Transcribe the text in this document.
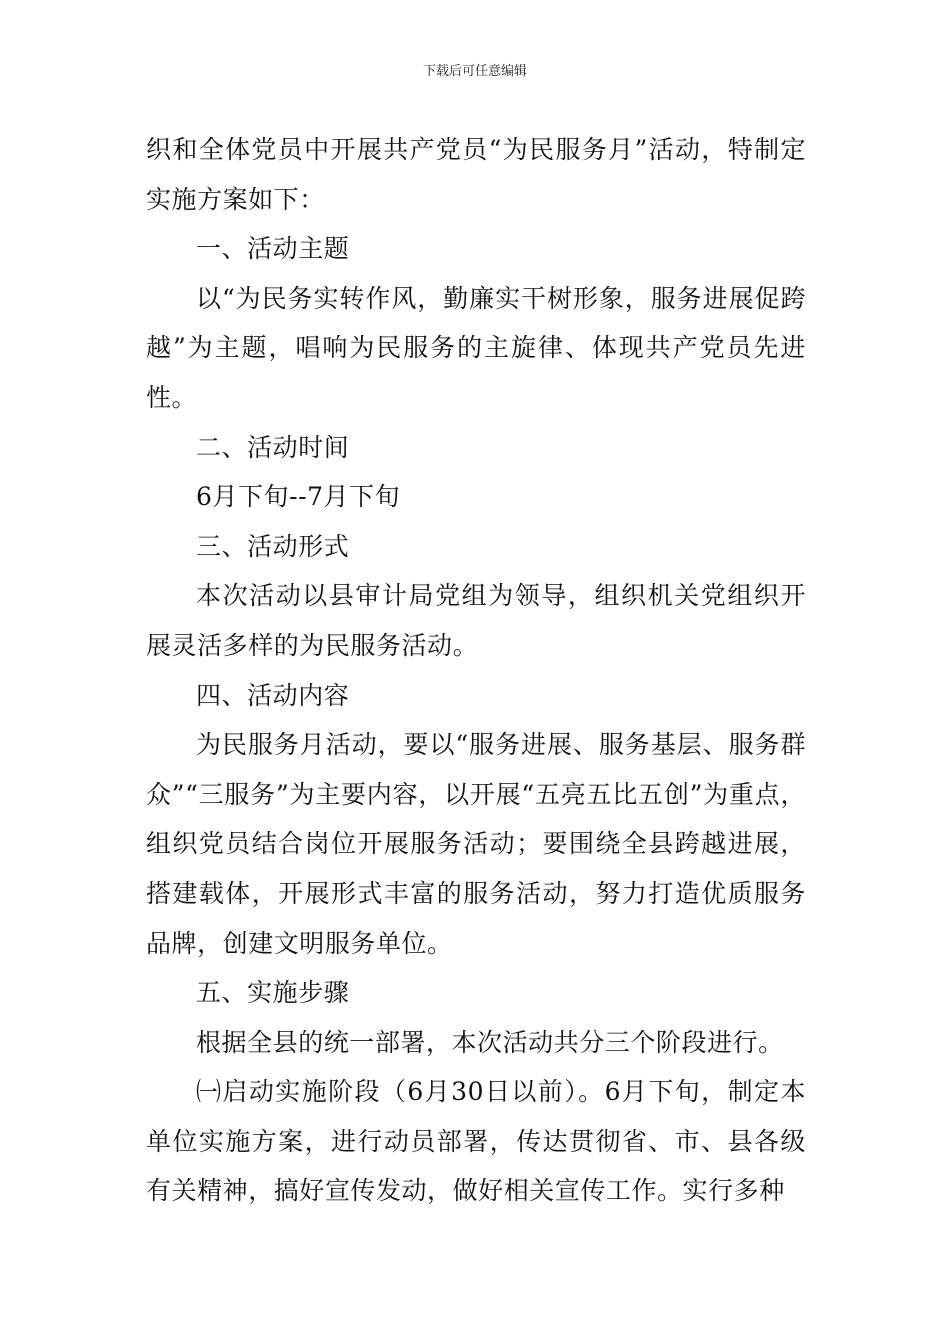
下载后可任意编辑

织和全体党员中开展共产党员“为民服务月”活动，特制定实施方案如下：

一、活动主题

以“为民务实转作风，勤廉实干树形象，服务进展促跨越”为主题，唱响为民服务的主旋律、体现共产党员先进性。

二、活动时间

6月下旬--7月下旬

三、活动形式

本次活动以县审计局党组为领导，组织机关党组织开展灵活多样的为民服务活动。

四、活动内容

为民服务月活动，要以“服务进展、服务基层、服务群众”“三服务”为主要内容，以开展“五亮五比五创”为重点，组织党员结合岗位开展服务活动；要围绕全县跨越进展，搭建载体，开展形式丰富的服务活动，努力打造优质服务品牌，创建文明服务单位。

五、实施步骤

根据全县的统一部署，本次活动共分三个阶段进行。

㈠启动实施阶段（6月30日以前）。6月下旬，制定本单位实施方案，进行动员部署，传达贯彻省、市、县各级有关精神，搞好宣传发动，做好相关宣传工作。实行多种
